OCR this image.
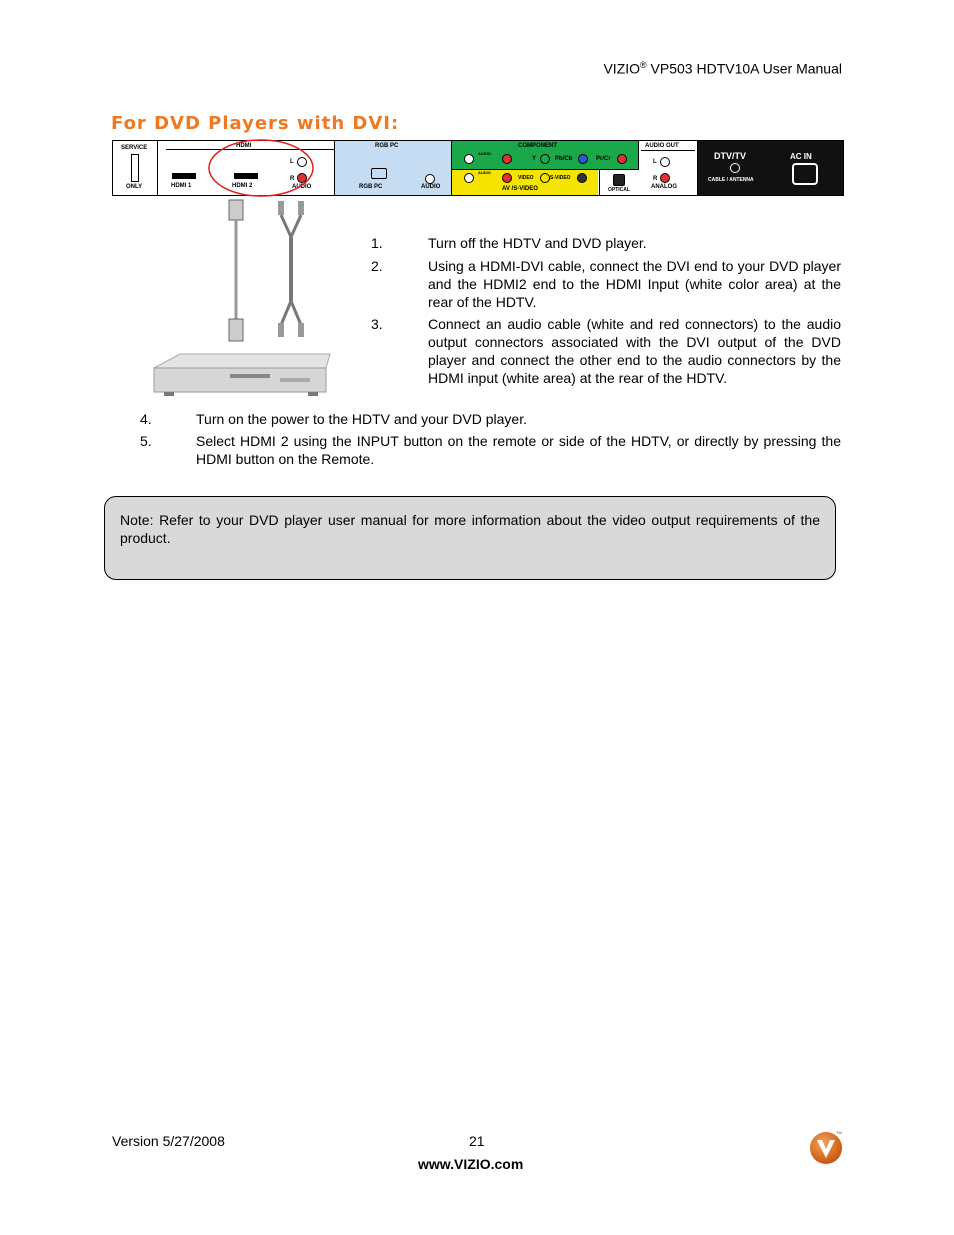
VIZIO® VP503 HDTV10A User Manual
For DVD Players with DVI:
SERVICE
ONLY
HDMI
HDMI 1	HDMI 2
L
R
AUDIO
RGB PC
RGB PC	AUDIO
COMPONENT
AUDIO
Y	Pb/Cb	Pr/Cr
AUDIO
VIDEO	S-VIDEO
AV /S-VIDEO	OPTICAL
AUDIO OUT
L
R
ANALOG
DTV/TV
CABLE / ANTENNA
AC IN
1.	Turn off the HDTV and DVD player.
2.	Using a HDMI-DVI cable, connect the DVI end to your DVD player and the HDMI2 end to the HDMI Input (white color area) at the rear of the HDTV.
3.	Connect an audio cable (white and red connectors) to the audio output connectors associated with the DVI output of the DVD player and connect the other end to the audio connectors by the HDMI input (white area) at the rear of the HDTV.
4.	Turn on the power to the HDTV and your DVD player.
5.	Select HDMI 2 using the INPUT button on the remote or side of the HDTV, or directly by pressing the HDMI button on the Remote.
Note: Refer to your DVD player user manual for more information about the video output requirements of the product.
Version 5/27/2008	21
www.VIZIO.com
TM
